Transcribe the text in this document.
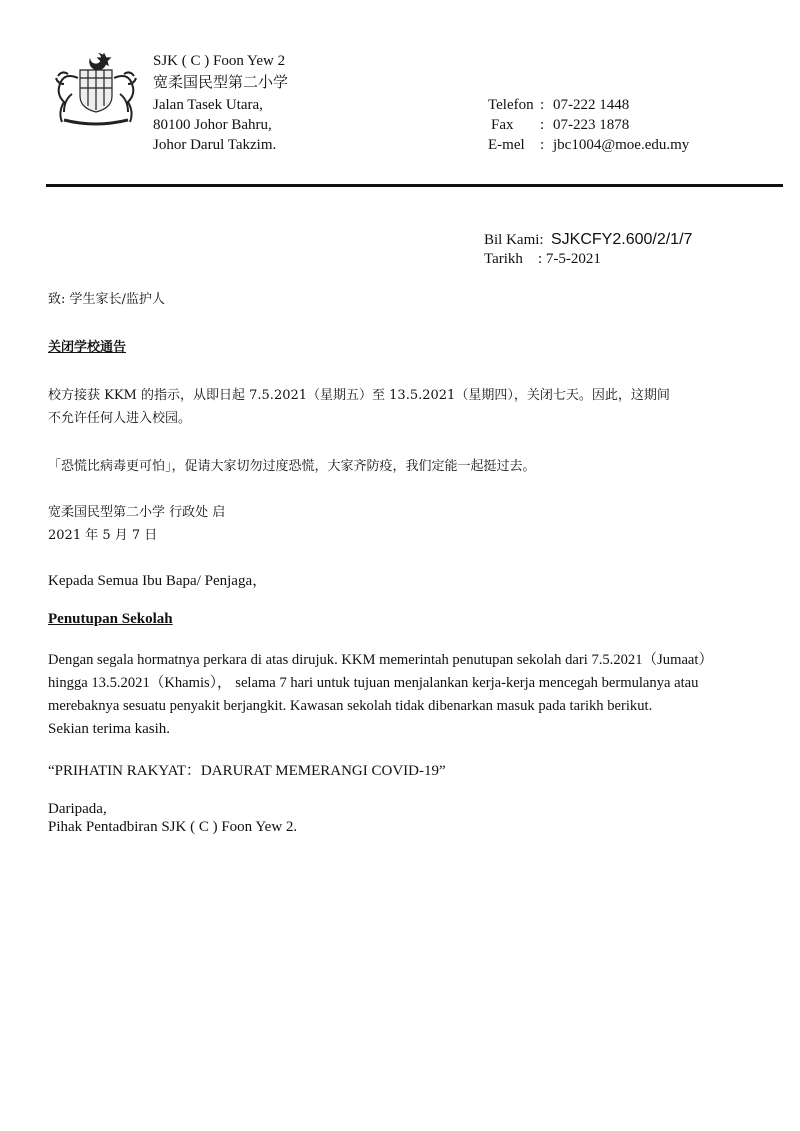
SJK ( C ) Foon Yew 2
宽柔国民型第二小学
Jalan Tasek Utara,
80100 Johor Bahru,
Johor Darul Takzim.
Telefon : 07-222 1448
Fax : 07-223 1878
E-mel : jbc1004@moe.edu.my
Bil Kami: SJKCFY2.600/2/1/7
Tarikh : 7-5-2021
致: 学生家长/监护人
关闭学校通告
校方接获 KKM 的指示，从即日起 7.5.2021（星期五）至 13.5.2021（星期四），关闭七天。因此，这期间
不允许任何人进入校园。
「恐慌比病毒更可怕」，促请大家切勿过度恐慌，大家齐防疫，我们定能一起挺过去。
宽柔国民型第二小学 行政处 启
2021 年 5 月 7 日
Kepada Semua Ibu Bapa/ Penjaga，
Penutupan Sekolah
Dengan segala hormatnya perkara di atas dirujuk. KKM memerintah penutupan sekolah dari 7.5.2021（Jumaat）
hingga 13.5.2021（Khamis）， selama 7 hari untuk tujuan menjalankan kerja-kerja mencegah bermulanya atau
merebaknya sesuatu penyakit berjangkit. Kawasan sekolah tidak dibenarkan masuk pada tarikh berikut.
Sekian terima kasih.
“PRIHATIN RAKYAT：DARURAT MEMERANGI COVID-19”
Daripada,
Pihak Pentadbiran SJK ( C ) Foon Yew 2.
